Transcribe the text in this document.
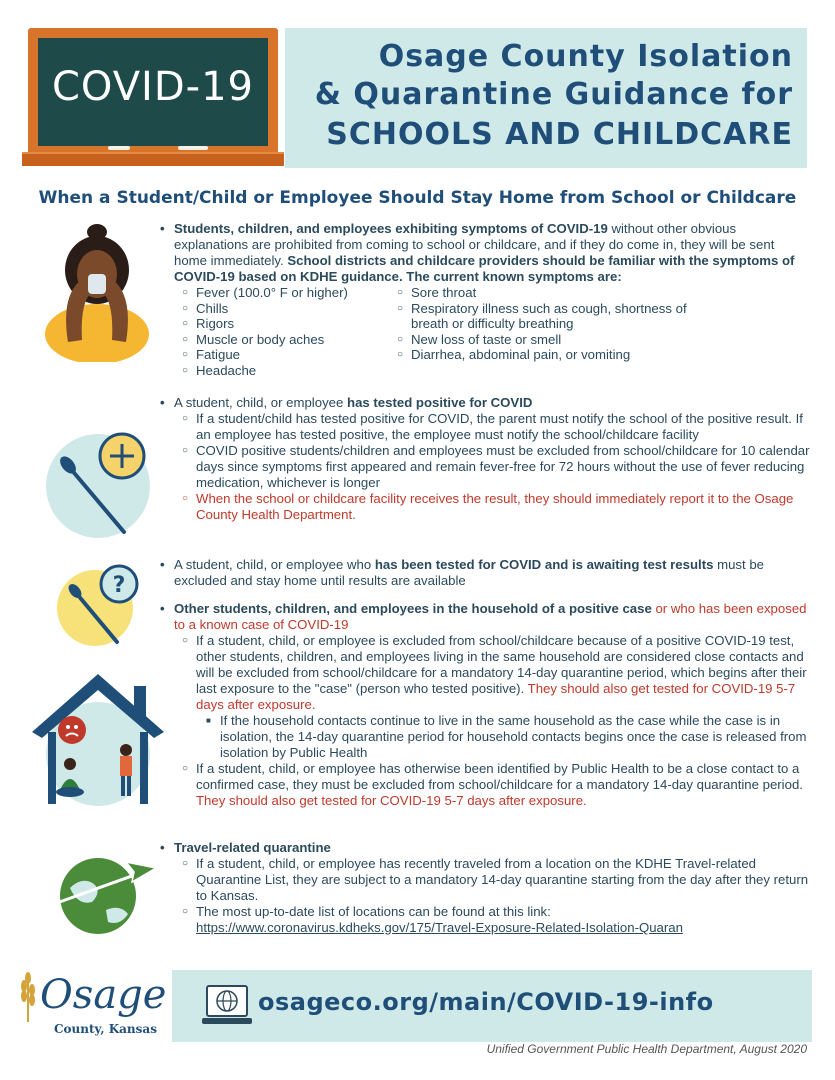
COVID-19
Osage County Isolation
& Quarantine Guidance for
SCHOOLS AND CHILDCARE
When a Student/Child or Employee Should Stay Home from School or Childcare
• Students, children, and employees exhibiting symptoms of COVID-19 without other obvious explanations are prohibited from coming to school or childcare, and if they do come in, they will be sent home immediately. School districts and childcare providers should be familiar with the symptoms of COVID-19 based on KDHE guidance. The current known symptoms are:
○ Fever (100.0° F or higher)
○ Chills
○ Rigors
○ Muscle or body aches
○ Fatigue
○ Headache
○ Sore throat
○ Respiratory illness such as cough, shortness of breath or difficulty breathing
○ New loss of taste or smell
○ Diarrhea, abdominal pain, or vomiting
• A student, child, or employee has tested positive for COVID
○ If a student/child has tested positive for COVID, the parent must notify the school of the positive result. If an employee has tested positive, the employee must notify the school/childcare facility
○ COVID positive students/children and employees must be excluded from school/childcare for 10 calendar days since symptoms first appeared and remain fever-free for 72 hours without the use of fever reducing medication, whichever is longer
○ When the school or childcare facility receives the result, they should immediately report it to the Osage County Health Department.
?
• A student, child, or employee who has been tested for COVID and is awaiting test results must be excluded and stay home until results are available
• Other students, children, and employees in the household of a positive case or who has been exposed to a known case of COVID-19
○ If a student, child, or employee is excluded from school/childcare because of a positive COVID-19 test, other students, children, and employees living in the same household are considered close contacts and will be excluded from school/childcare for a mandatory 14-day quarantine period, which begins after their last exposure to the "case" (person who tested positive). They should also get tested for COVID-19 5-7 days after exposure.
■ If the household contacts continue to live in the same household as the case while the case is in isolation, the 14-day quarantine period for household contacts begins once the case is released from isolation by Public Health
○ If a student, child, or employee has otherwise been identified by Public Health to be a close contact to a confirmed case, they must be excluded from school/childcare for a mandatory 14-day quarantine period. They should also get tested for COVID-19 5-7 days after exposure.
• Travel-related quarantine
○ If a student, child, or employee has recently traveled from a location on the KDHE Travel-related Quarantine List, they are subject to a mandatory 14-day quarantine starting from the day after they return to Kansas.
○ The most up-to-date list of locations can be found at this link: https://www.coronavirus.kdheks.gov/175/Travel-Exposure-Related-Isolation-Quaran
Osage
County, Kansas
osageco.org/main/COVID-19-info
Unified Government Public Health Department, August 2020
